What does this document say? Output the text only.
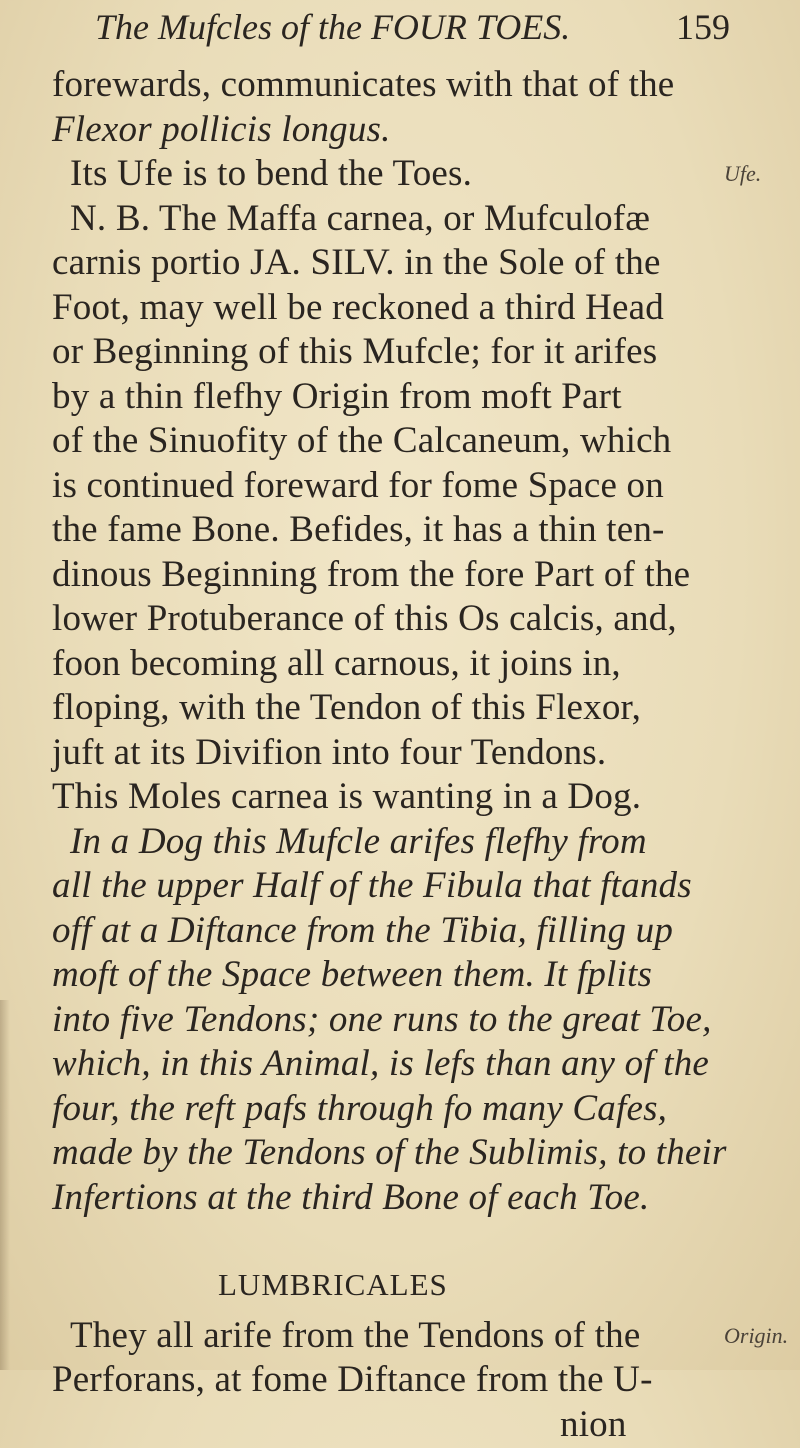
The Mufcles of the FOUR TOES.	159
forewards, communicates with that of the
Flexor pollicis longus.
Its Ufe is to bend the Toes.	Ufe.
N. B. The Maffa carnea, or Mufculofæ
carnis portio JA. SILV. in the Sole of the
Foot, may well be reckoned a third Head
or Beginning of this Mufcle; for it arifes
by a thin flefhy Origin from moft Part
of the Sinuofity of the Calcaneum, which
is continued foreward for fome Space on
the fame Bone. Befides, it has a thin ten-
dinous Beginning from the fore Part of the
lower Protuberance of this Os calcis, and,
foon becoming all carnous, it joins in,
floping, with the Tendon of this Flexor,
juft at its Divifion into four Tendons.
This Moles carnea is wanting in a Dog.
In a Dog this Mufcle arifes flefhy from
all the upper Half of the Fibula that ftands
off at a Diftance from the Tibia, filling up
moft of the Space between them. It fplits
into five Tendons; one runs to the great Toe,
which, in this Animal, is lefs than any of the
four, the reft pafs through fo many Cafes,
made by the Tendons of the Sublimis, to their
Infertions at the third Bone of each Toe.
LUMBRICALES
They all arife from the Tendons of the	Origin.
Perforans, at fome Diftance from the U-
nion
